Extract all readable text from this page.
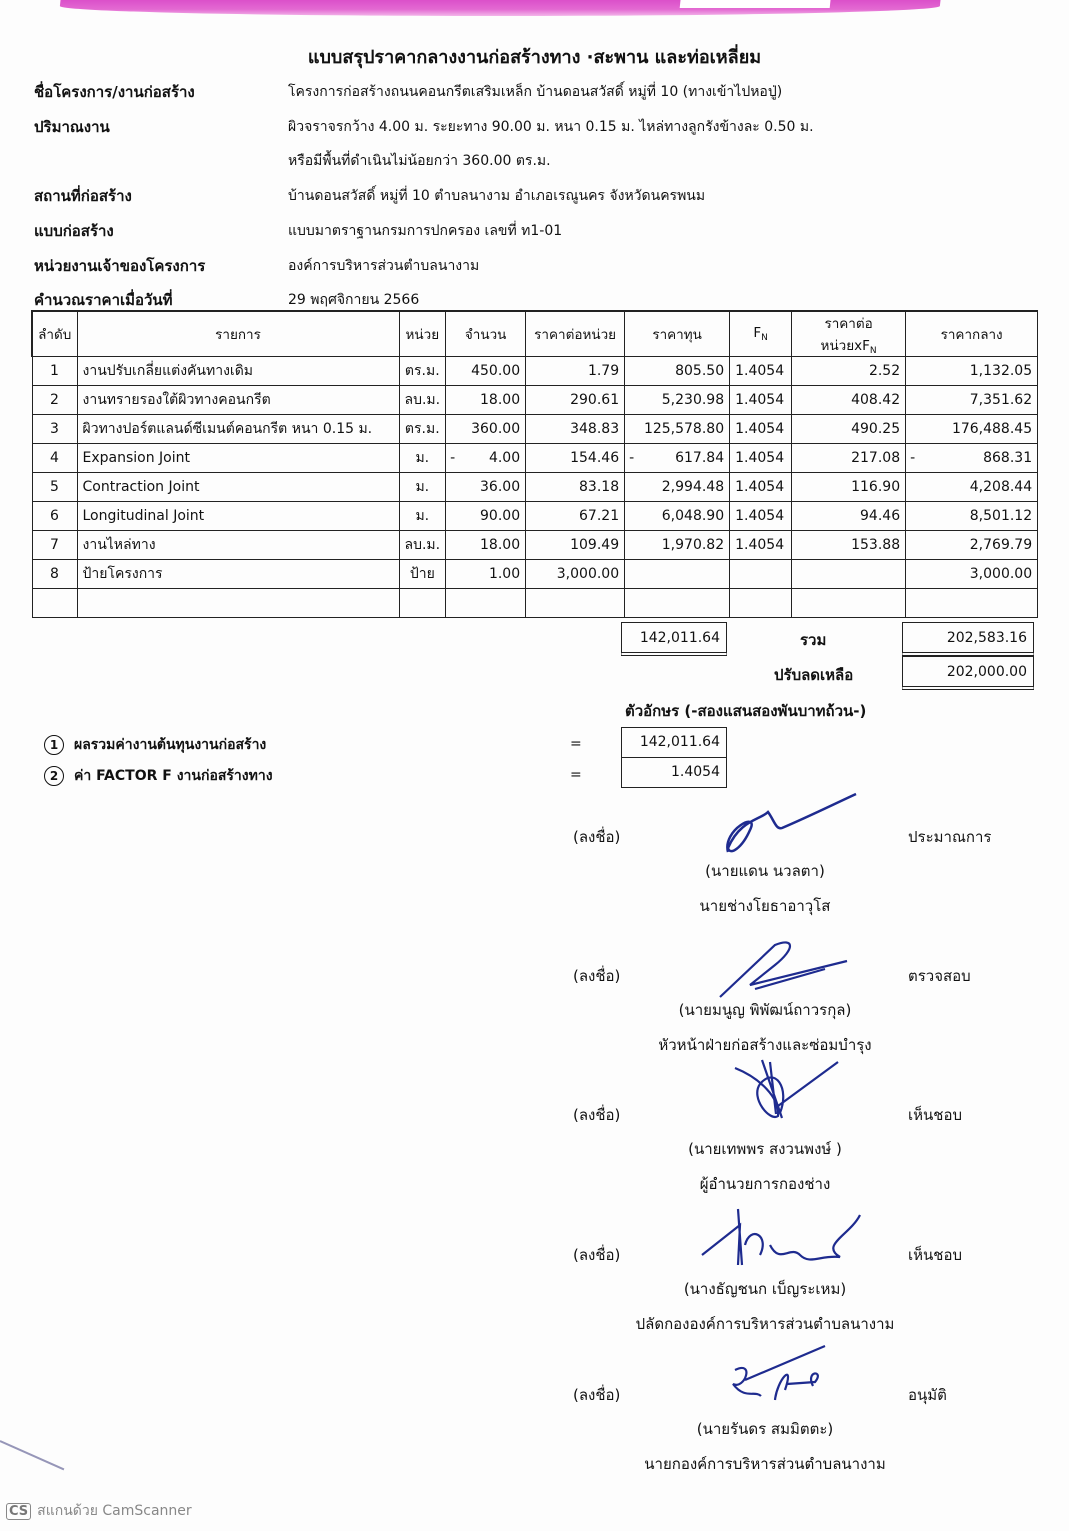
แบบสรุปราคากลางงานก่อสร้างทาง ·สะพาน และท่อเหลี่ยม
ชื่อโครงการ/งานก่อสร้าง	โครงการก่อสร้างถนนคอนกรีตเสริมเหล็ก บ้านดอนสวัสดิ์ หมู่ที่ 10 (ทางเข้าไปหอปู่)
ปริมาณงาน	ผิวจราจรกว้าง 4.00 ม. ระยะทาง 90.00 ม. หนา 0.15 ม. ไหล่ทางลูกรังข้างละ 0.50 ม.
หรือมีพื้นที่ดำเนินไม่น้อยกว่า 360.00 ตร.ม.
สถานที่ก่อสร้าง	บ้านดอนสวัสดิ์ หมู่ที่ 10 ตำบลนางาม อำเภอเรณูนคร จังหวัดนครพนม
แบบก่อสร้าง	แบบมาตราฐานกรมการปกครอง เลขที่ ท1-01
หน่วยงานเจ้าของโครงการ	องค์การบริหารส่วนตำบลนางาม
คำนวณราคาเมื่อวันที่	29 พฤศจิกายน 2566
ลำดับ	รายการ	หน่วย	จำนวน	ราคาต่อหน่วย	ราคาทุน	$F_N$	ราคาต่อหน่วย$xF_N$	ราคากลาง
1	งานปรับเกลี่ยแต่งคันทางเดิม	ตร.ม.	450.00	1.79	805.50	1.4054	2.52	1,132.05
2	งานทรายรองใต้ผิวทางคอนกรีต	ลบ.ม.	18.00	290.61	5,230.98	1.4054	408.42	7,351.62
3	ผิวทางปอร์ตแลนด์ซีเมนต์คอนกรีต หนา 0.15 ม.	ตร.ม.	360.00	348.83	125,578.80	1.4054	490.25	176,488.45
4	Expansion Joint	ม.	- 4.00	154.46	- 617.84	1.4054	217.08	- 868.31
5	Contraction Joint	ม.	36.00	83.18	2,994.48	1.4054	116.90	4,208.44
6	Longitudinal Joint	ม.	90.00	67.21	6,048.90	1.4054	94.46	8,501.12
7	งานไหล่ทาง	ลบ.ม.	18.00	109.49	1,970.82	1.4054	153.88	2,769.79
8	ป้ายโครงการ	ป้าย	1.00	3,000.00				3,000.00

142,011.64	รวม	202,583.16
ปรับลดเหลือ	202,000.00
ตัวอักษร (-สองแสนสองพันบาทถ้วน-)
1	ผลรวมค่างานต้นทุนงานก่อสร้าง	=	142,011.64
2	ค่า FACTOR F งานก่อสร้างทาง	=	1.4054
(ลงชื่อ)	ประมาณการ
(นายแดน นวลตา)
นายช่างโยธาอาวุโส
(ลงชื่อ)	ตรวจสอบ
(นายมนูญ พิพัฒน์ถาวรกุล)
หัวหน้าฝ่ายก่อสร้างและซ่อมบำรุง
(ลงชื่อ)	เห็นชอบ
(นายเทพพร สงวนพงษ์ )
ผู้อำนวยการกองช่าง
(ลงชื่อ)	เห็นชอบ
(นางธัญชนก เบ็ญระเหม)
ปลัดกององค์การบริหารส่วนตำบลนางาม
(ลงชื่อ)	อนุมัติ
(นายรันดร สมมิตตะ)
นายกองค์การบริหารส่วนตำบลนางาม
CS สแกนด้วย CamScanner
